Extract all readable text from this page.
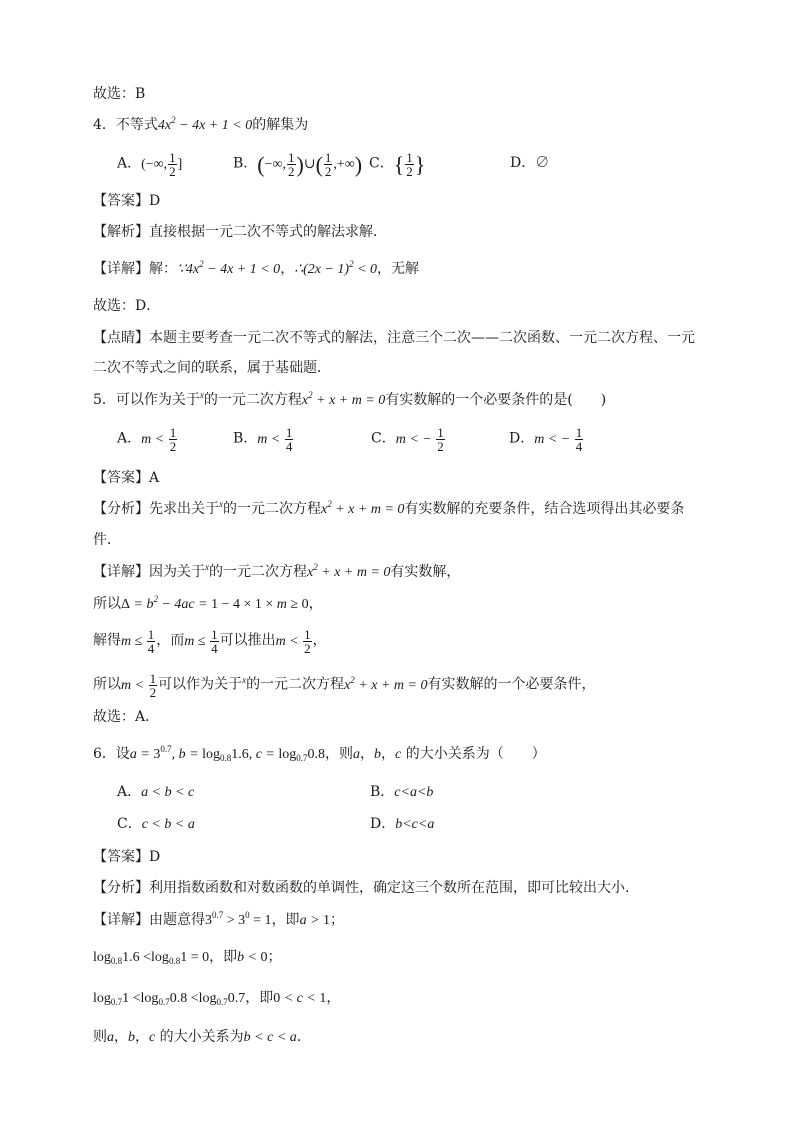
故选：B
4．不等式$4x^2 - 4x + 1 < 0$的解集为
A．(−∞, $\frac{1}{2}$ ]	B．(−∞, $\frac{1}{2}$ )∪( $\frac{1}{2}$ ,+∞) C．{ $\frac{1}{2}$ }	D．∅
【答案】D
【解析】直接根据一元二次不等式的解法求解．
【详解】解：$\because 4x^2 - 4x + 1 < 0$，∴(2x − 1)$^2$ < 0，无解
故选：D．
【点睛】本题主要考查一元二次不等式的解法，注意三个二次——二次函数、一元二次方程、一元
二次不等式之间的联系，属于基础题．
5．可以作为关于$^x$的一元二次方程$x^2 + x + m = 0$有实数解的一个必要条件的是(　　)
A．$m < \frac{1}{2}$	B．$m < \frac{1}{4}$	C．m < − $\frac{1}{2}$	D．m < − $\frac{1}{4}$
【答案】A
【分析】先求出关于$^x$的一元二次方程$x^2 + x + m = 0$有实数解的充要条件，结合选项得出其必要条
件．
【详解】因为关于$^x$的一元二次方程$x^2 + x + m = 0$有实数解，
所以$\Delta = b^2 - 4ac = 1 - 4 \times 1 \times m \ge 0$，
解得$m \le \frac{1}{4}$ ，而$m \le \frac{1}{4}$ 可以推出$m < \frac{1}{2}$ ，
所以$m < \frac{1}{2}$ 可以作为关于$^x$的一元二次方程$x^2 + x + m = 0$有实数解的一个必要条件，
故选：A．
6．设$a = 3^{0.7}$, $b = \log_{0.8}1.6$, $c = \log_{0.7}0.8$，则a，b，c 的大小关系为（　　）
A．a < b < c	B．c<a<b
C．c < b < a	D．b<c<a
【答案】D
【分析】利用指数函数和对数函数的单调性，确定这三个数所在范围，即可比较出大小.
【详解】由题意得$3^{0.7} > 3^0 = 1$，即a > 1；
$\log_{0.8}1.6 <\log_{0.8}1 = 0$，即b < 0；
$\log_{0.7}1 <\log_{0.7}0.8 <\log_{0.7}0.7$，即0 < c < 1，
则a，b，c 的大小关系为b < c < a.
